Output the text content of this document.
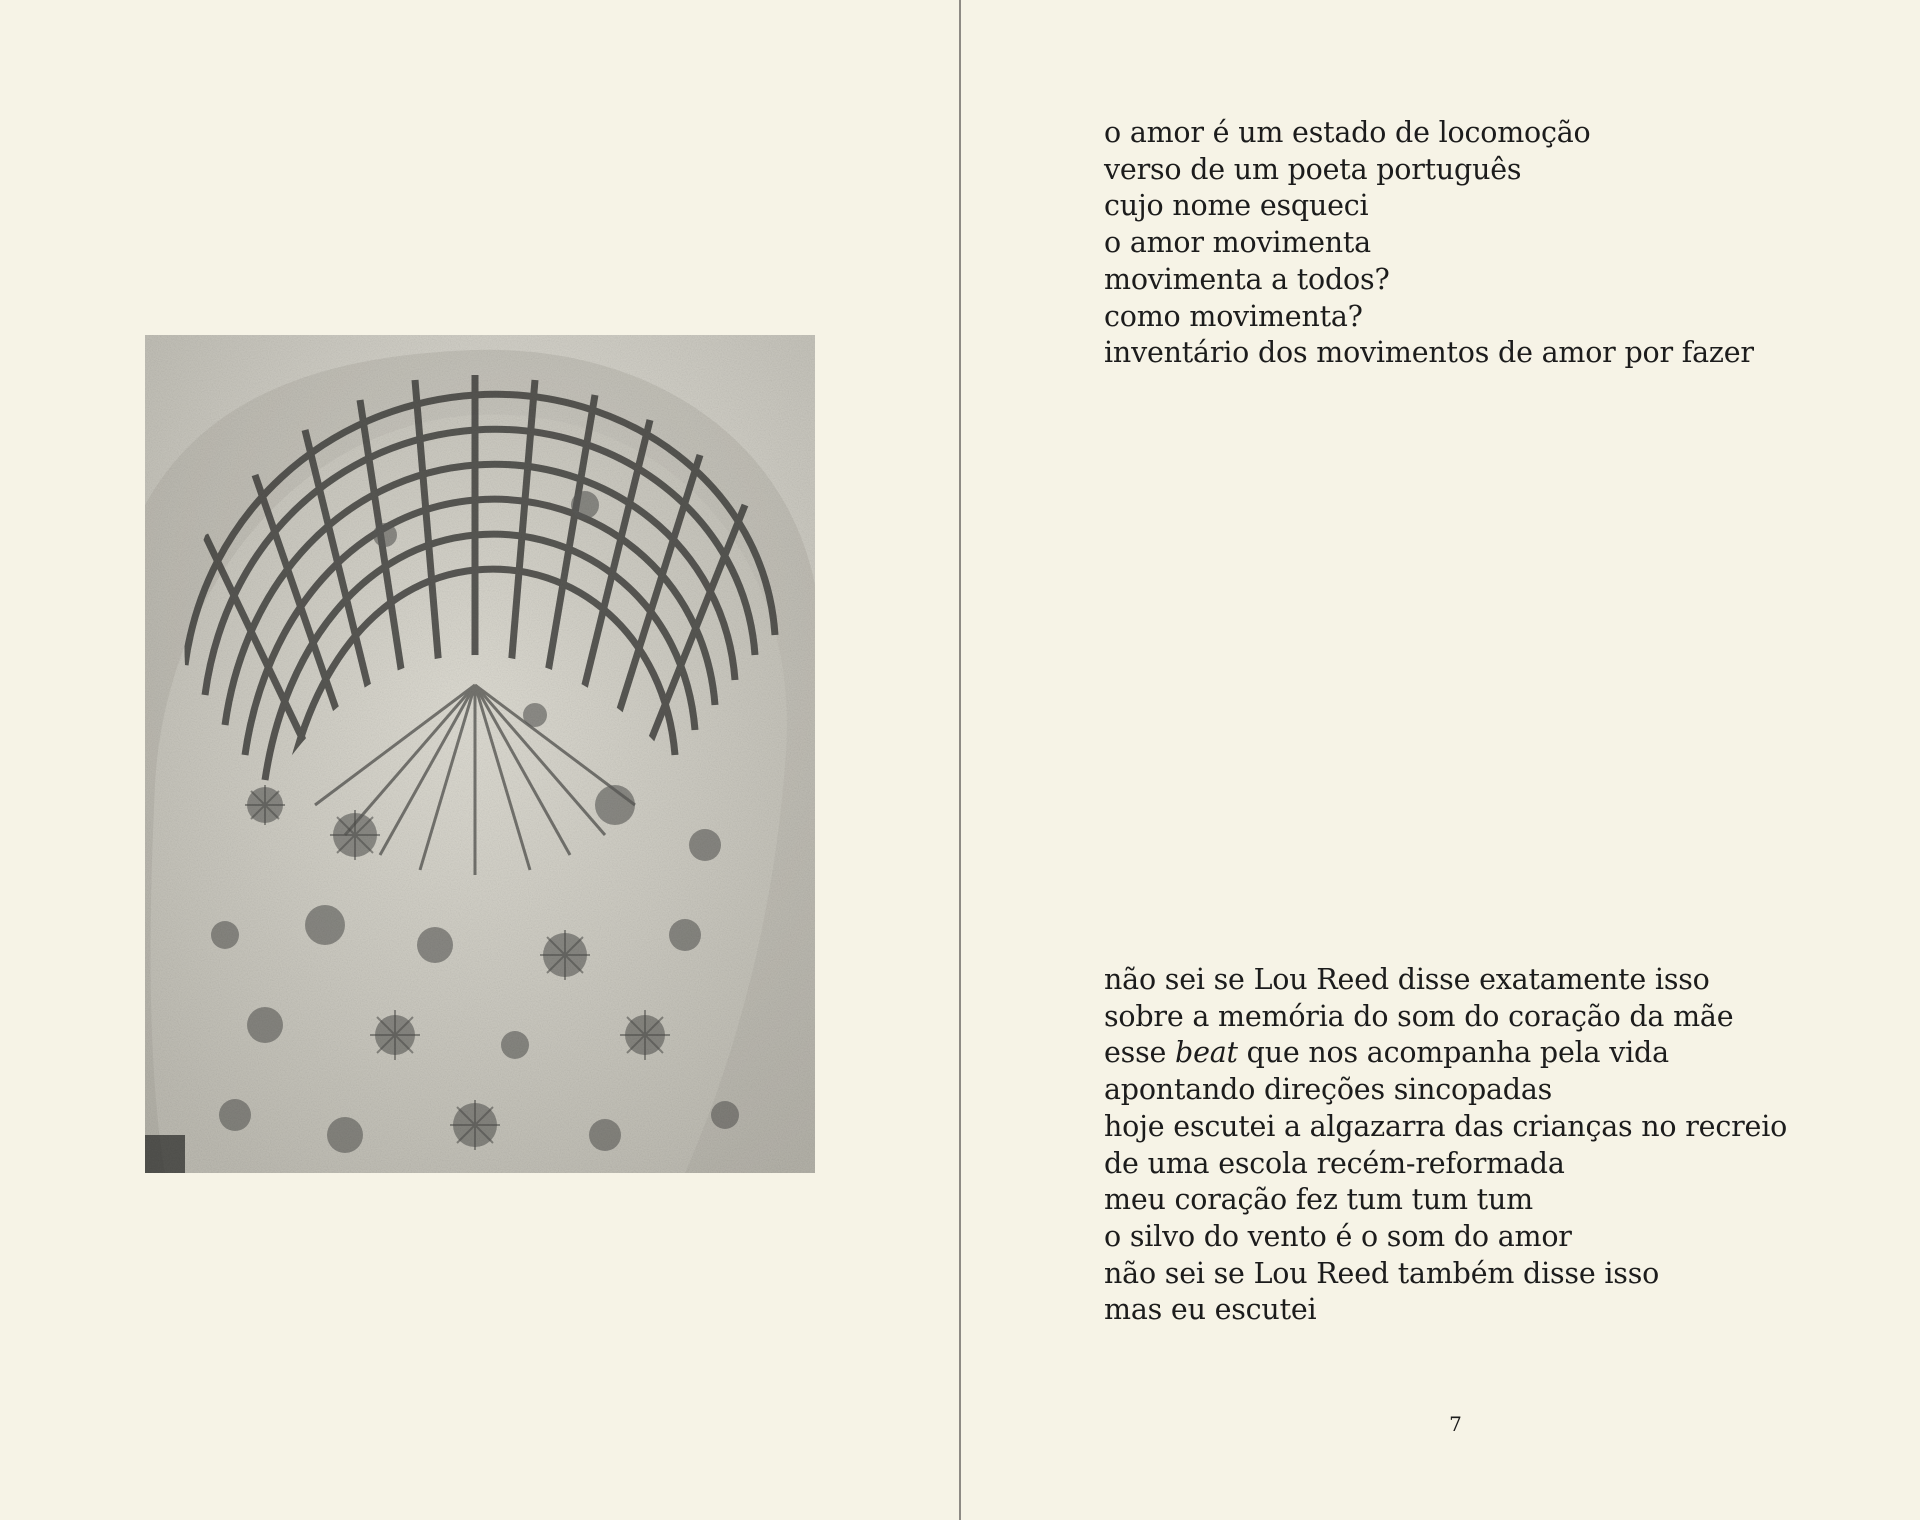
o amor é um estado de locomoção
verso de um poeta português
cujo nome esqueci
o amor movimenta
movimenta a todos?
como movimenta?
inventário dos movimentos de amor por fazer
não sei se Lou Reed disse exatamente isso
sobre a memória do som do coração da mãe
esse beat que nos acompanha pela vida
apontando direções sincopadas
hoje escutei a algazarra das crianças no recreio
de uma escola recém-reformada
meu coração fez tum tum tum
o silvo do vento é o som do amor
não sei se Lou Reed também disse isso
mas eu escutei
7
